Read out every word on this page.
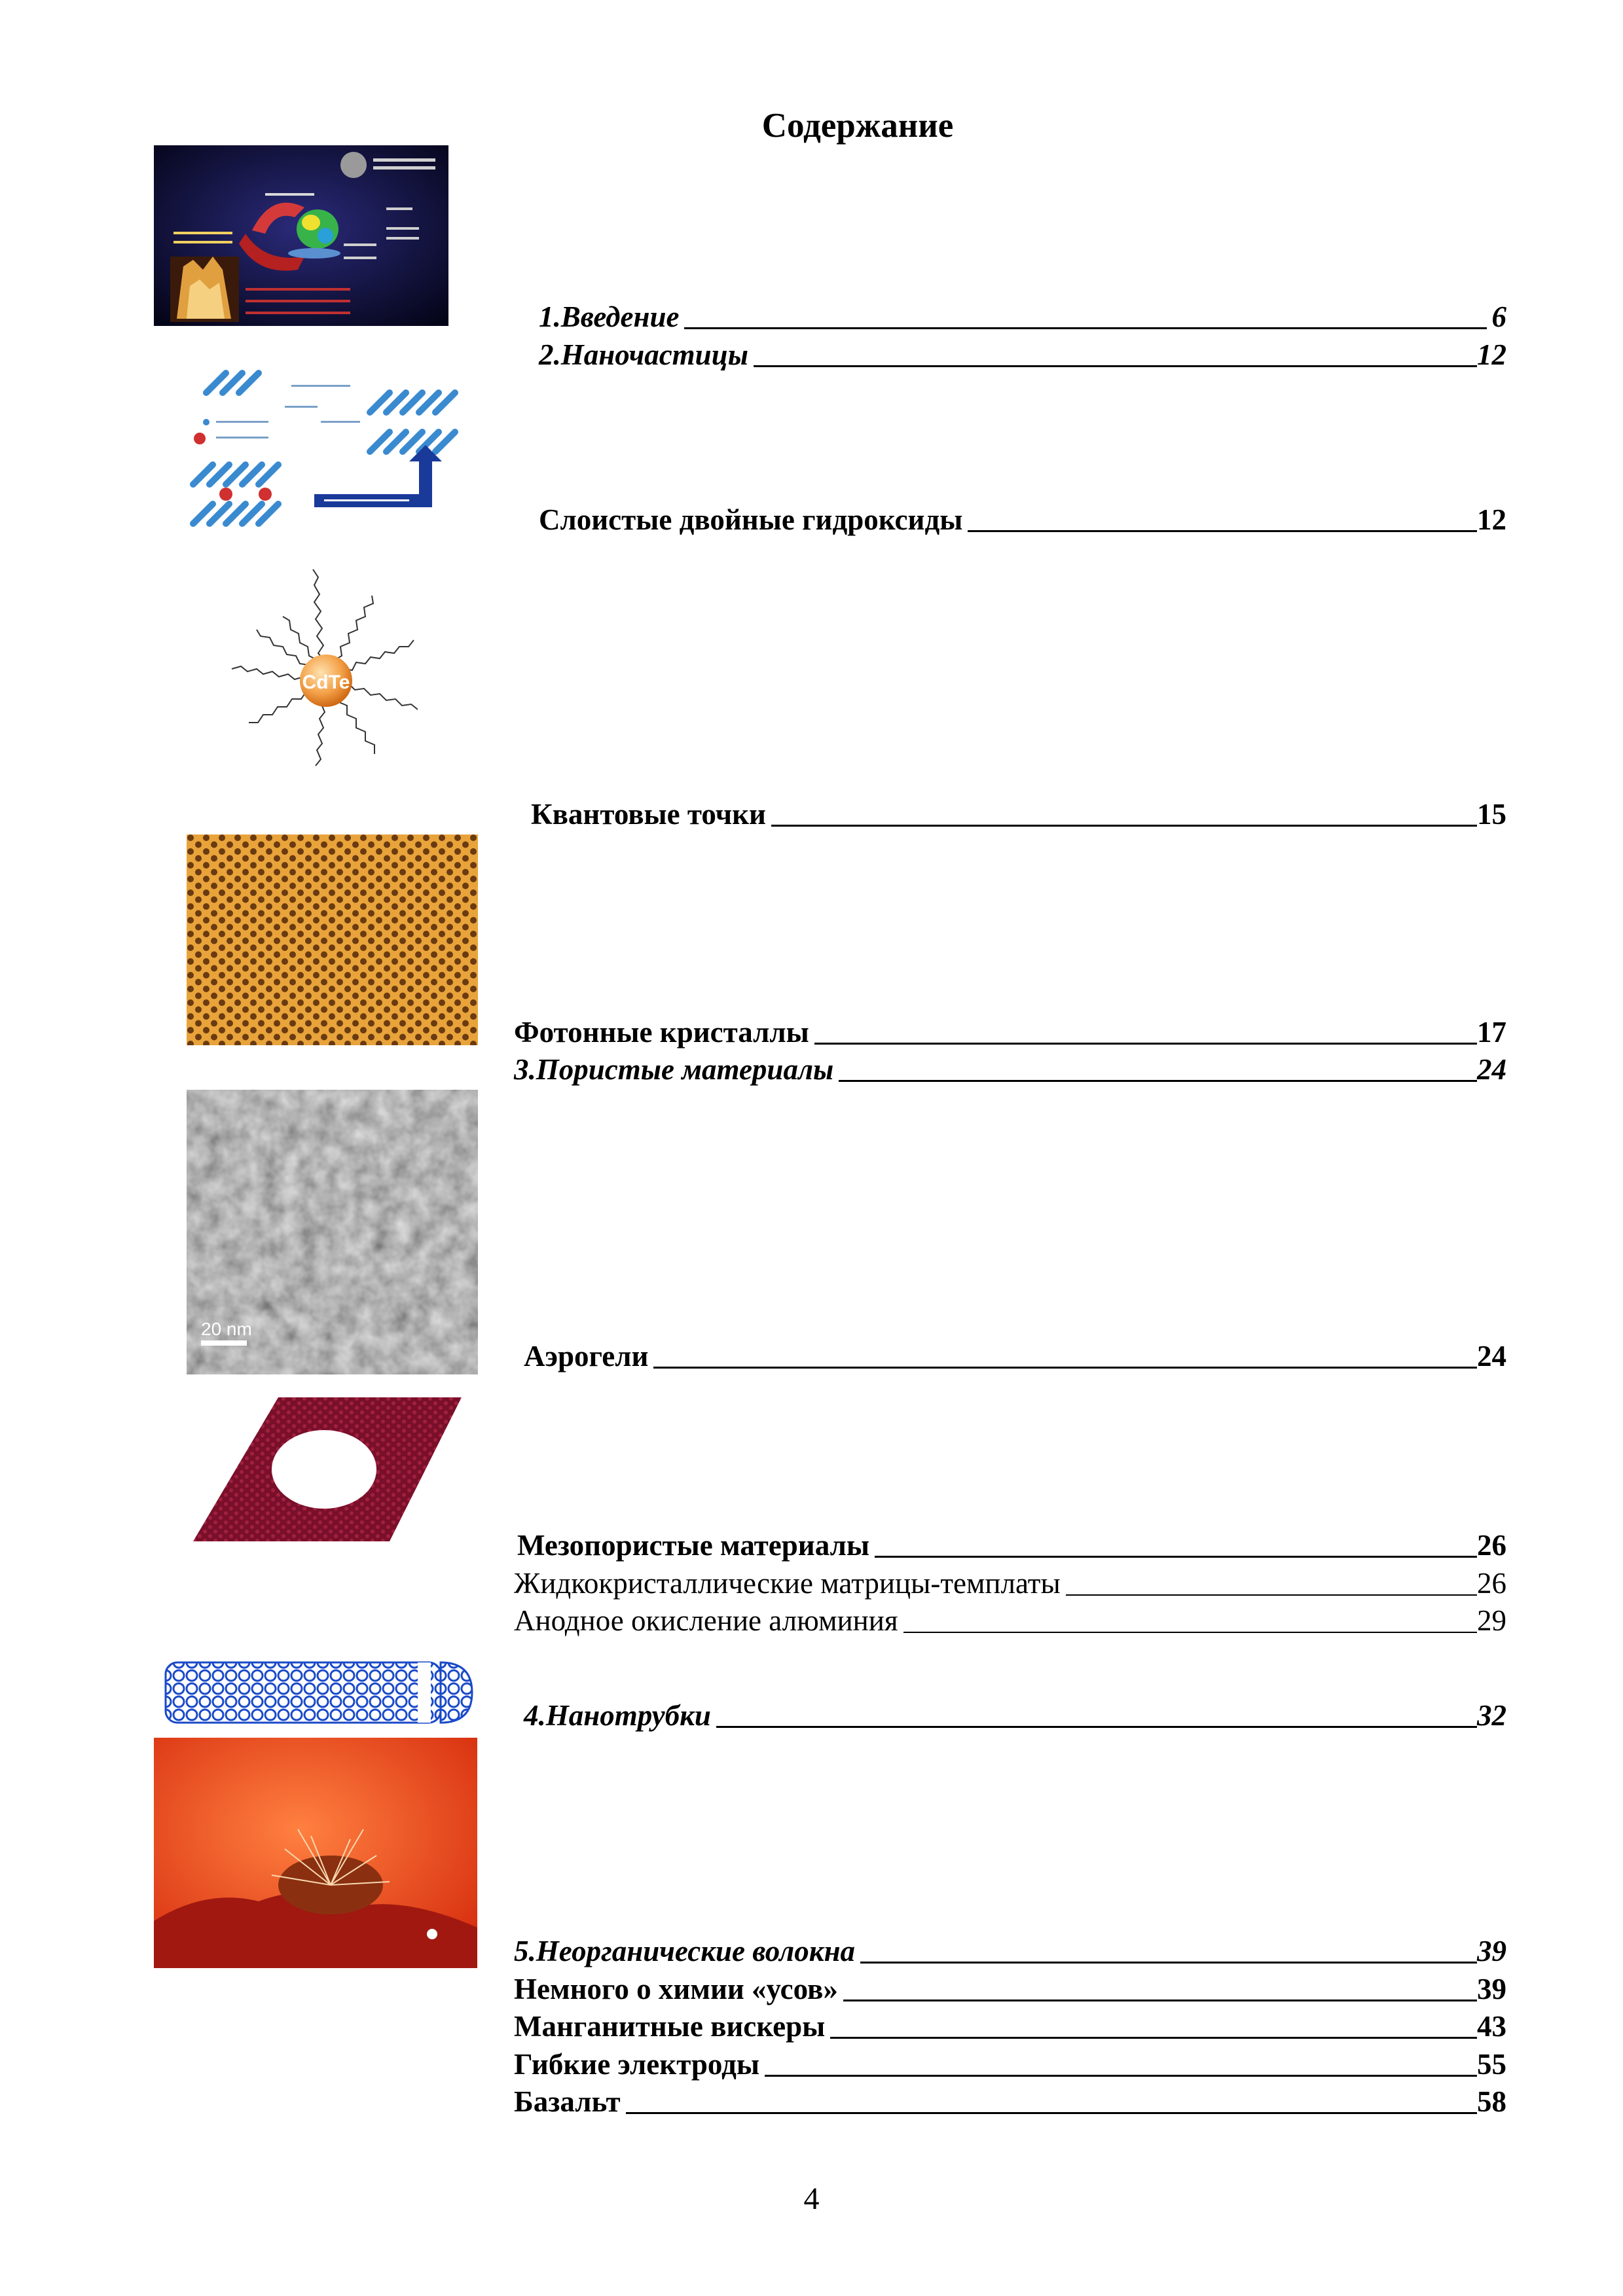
Содержание
CdTe
20 nm
1.Введение	6
2.Наночастицы	12
Слоистые двойные гидроксиды	12
Квантовые точки	15
Фотонные кристаллы	17
3.Пористые материалы	24
Аэрогели	24
Мезопористые материалы	26
Жидкокристаллические матрицы-темплаты	26
Анодное окисление алюминия	29
4.Нанотрубки	32
5.Неорганические волокна	39
Немного о химии «усов»	39
Манганитные вискеры	43
Гибкие электроды	55
Базальт	58
4
